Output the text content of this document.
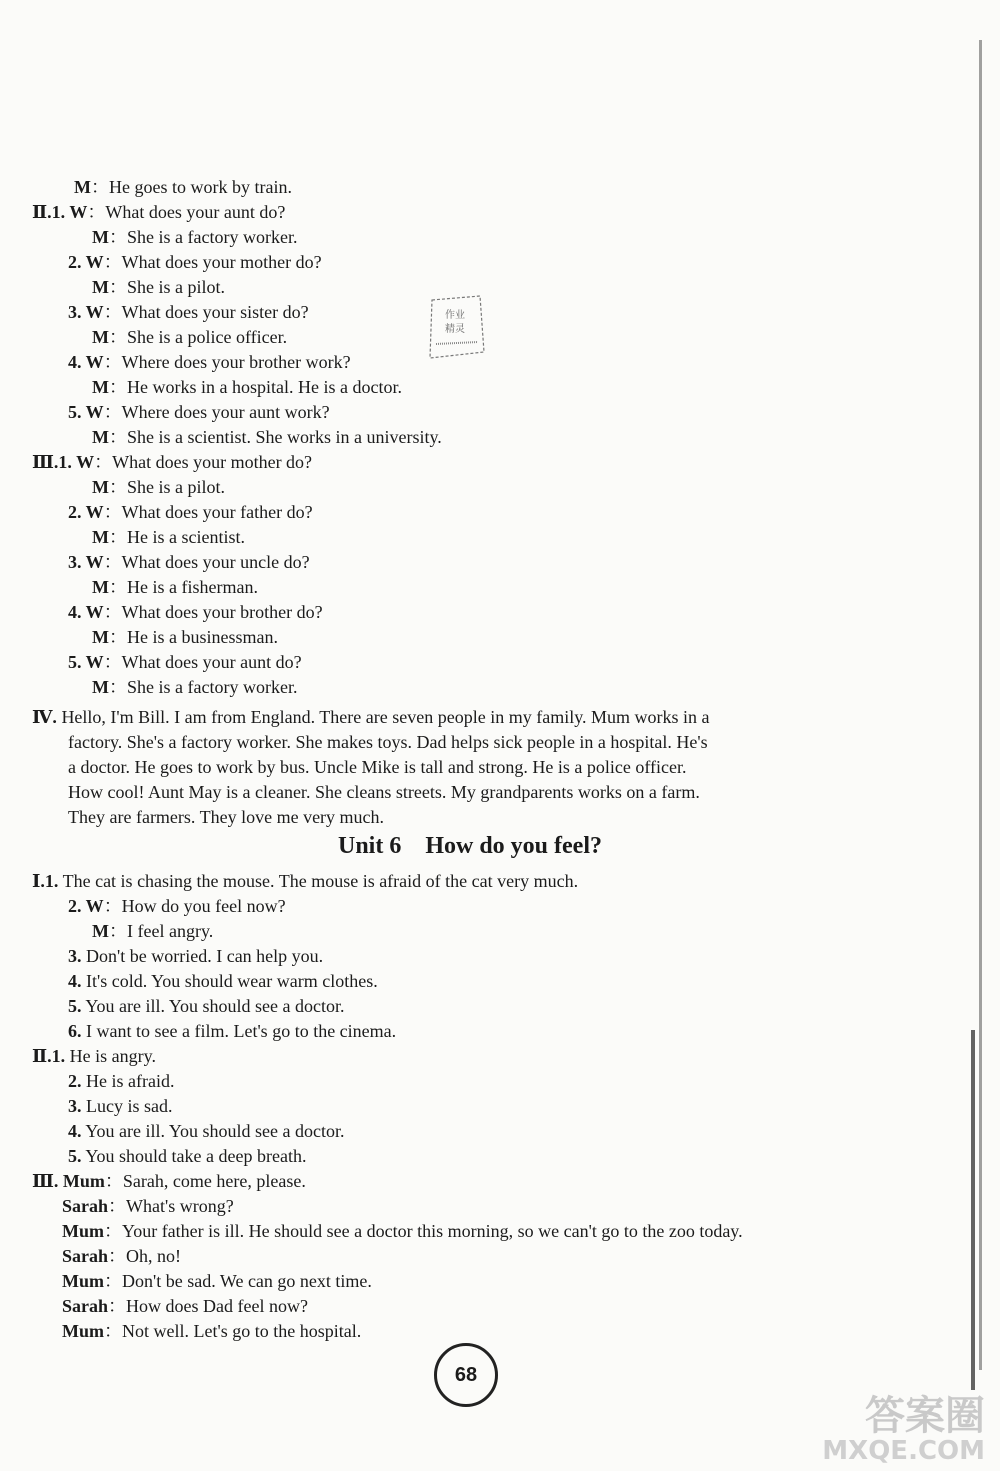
M：He goes to work by train.
Ⅱ.1. W：What does your aunt do?
M：She is a factory worker.
2. W：What does your mother do?
M：She is a pilot.
3. W：What does your sister do?
M：She is a police officer.
4. W：Where does your brother work?
M：He works in a hospital. He is a doctor.
5. W：Where does your aunt work?
M：She is a scientist. She works in a university.
Ⅲ.1. W：What does your mother do?
M：She is a pilot.
2. W：What does your father do?
M：He is a scientist.
3. W：What does your uncle do?
M：He is a fisherman.
4. W：What does your brother do?
M：He is a businessman.
5. W：What does your aunt do?
M：She is a factory worker.
Ⅳ. Hello, I'm Bill. I am from England. There are seven people in my family. Mum works in a
factory. She's a factory worker. She makes toys. Dad helps sick people in a hospital. He's
a doctor. He goes to work by bus. Uncle Mike is tall and strong. He is a police officer.
How cool! Aunt May is a cleaner. She cleans streets. My grandparents works on a farm.
They are farmers. They love me very much.
Ⅰ.1. The cat is chasing the mouse. The mouse is afraid of the cat very much.
2. W：How do you feel now?
M：I feel angry.
3. Don't be worried. I can help you.
4. It's cold. You should wear warm clothes.
5. You are ill. You should see a doctor.
6. I want to see a film. Let's go to the cinema.
Ⅱ.1. He is angry.
2. He is afraid.
3. Lucy is sad.
4. You are ill. You should see a doctor.
5. You should take a deep breath.
Ⅲ. Mum：Sarah, come here, please.
Sarah：What's wrong?
Mum：Your father is ill. He should see a doctor this morning, so we can't go to the zoo today.
Sarah：Oh, no!
Mum：Don't be sad. We can go next time.
Sarah：How does Dad feel now?
Mum：Not well. Let's go to the hospital.
Unit 6 How do you feel?
作业
精灵
68
答案圈
MXQE.COM
